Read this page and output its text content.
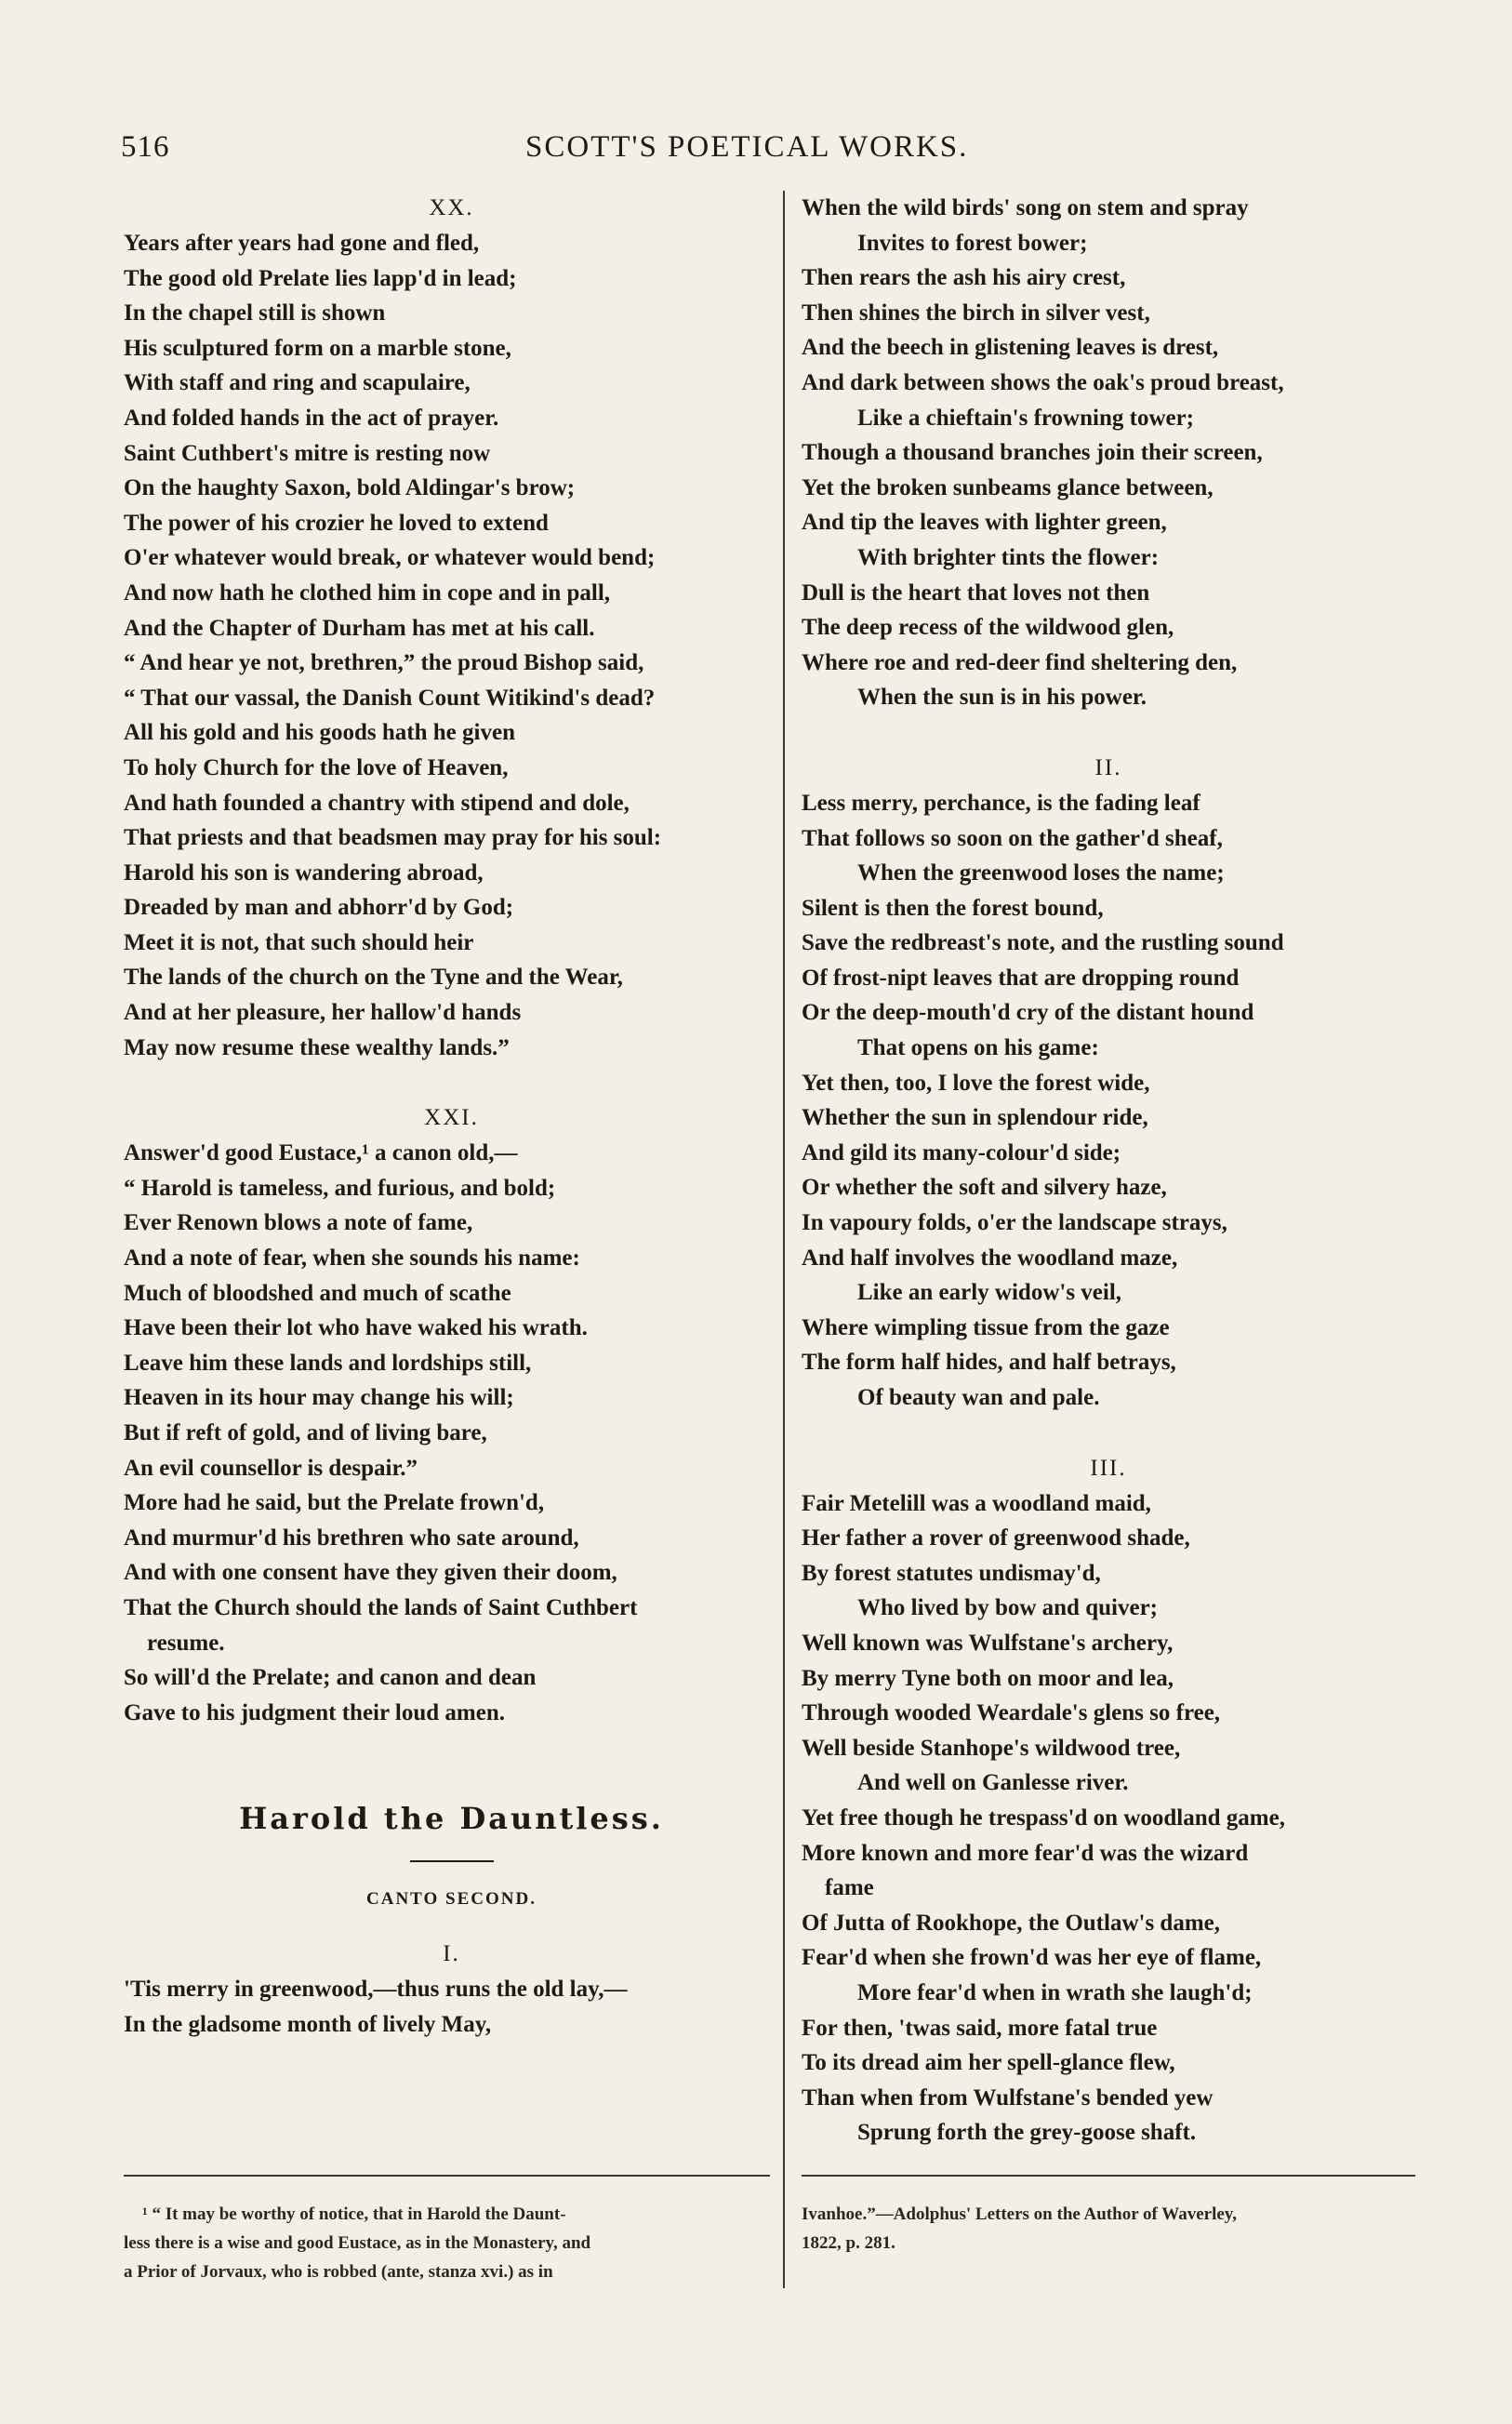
516	SCOTT'S POETICAL WORKS.
XX.
Years after years had gone and fled,
The good old Prelate lies lapp'd in lead;
In the chapel still is shown
His sculptured form on a marble stone,
With staff and ring and scapulaire,
And folded hands in the act of prayer.
Saint Cuthbert's mitre is resting now
On the haughty Saxon, bold Aldingar's brow;
The power of his crozier he loved to extend
O'er whatever would break, or whatever would bend;
And now hath he clothed him in cope and in pall,
And the Chapter of Durham has met at his call.
“ And hear ye not, brethren,” the proud Bishop said,
“ That our vassal, the Danish Count Witikind's dead?
All his gold and his goods hath he given
To holy Church for the love of Heaven,
And hath founded a chantry with stipend and dole,
That priests and that beadsmen may pray for his soul:
Harold his son is wandering abroad,
Dreaded by man and abhorr'd by God;
Meet it is not, that such should heir
The lands of the church on the Tyne and the Wear,
And at her pleasure, her hallow'd hands
May now resume these wealthy lands.”
XXI.
Answer'd good Eustace,¹ a canon old,—
“ Harold is tameless, and furious, and bold;
Ever Renown blows a note of fame,
And a note of fear, when she sounds his name:
Much of bloodshed and much of scathe
Have been their lot who have waked his wrath.
Leave him these lands and lordships still,
Heaven in its hour may change his will;
But if reft of gold, and of living bare,
An evil counsellor is despair.”
More had he said, but the Prelate frown'd,
And murmur'd his brethren who sate around,
And with one consent have they given their doom,
That the Church should the lands of Saint Cuthbert
resume.
So will'd the Prelate; and canon and dean
Gave to his judgment their loud amen.
Harold the Dauntless.
CANTO SECOND.
I.
'Tis merry in greenwood,—thus runs the old lay,—
In the gladsome month of lively May,
When the wild birds' song on stem and spray
Invites to forest bower;
Then rears the ash his airy crest,
Then shines the birch in silver vest,
And the beech in glistening leaves is drest,
And dark between shows the oak's proud breast,
Like a chieftain's frowning tower;
Though a thousand branches join their screen,
Yet the broken sunbeams glance between,
And tip the leaves with lighter green,
With brighter tints the flower:
Dull is the heart that loves not then
The deep recess of the wildwood glen,
Where roe and red-deer find sheltering den,
When the sun is in his power.
II.
Less merry, perchance, is the fading leaf
That follows so soon on the gather'd sheaf,
When the greenwood loses the name;
Silent is then the forest bound,
Save the redbreast's note, and the rustling sound
Of frost-nipt leaves that are dropping round
Or the deep-mouth'd cry of the distant hound
That opens on his game:
Yet then, too, I love the forest wide,
Whether the sun in splendour ride,
And gild its many-colour'd side;
Or whether the soft and silvery haze,
In vapoury folds, o'er the landscape strays,
And half involves the woodland maze,
Like an early widow's veil,
Where wimpling tissue from the gaze
The form half hides, and half betrays,
Of beauty wan and pale.
III.
Fair Metelill was a woodland maid,
Her father a rover of greenwood shade,
By forest statutes undismay'd,
Who lived by bow and quiver;
Well known was Wulfstane's archery,
By merry Tyne both on moor and lea,
Through wooded Weardale's glens so free,
Well beside Stanhope's wildwood tree,
And well on Ganlesse river.
Yet free though he trespass'd on woodland game,
More known and more fear'd was the wizard
fame
Of Jutta of Rookhope, the Outlaw's dame,
Fear'd when she frown'd was her eye of flame,
More fear'd when in wrath she laugh'd;
For then, 'twas said, more fatal true
To its dread aim her spell-glance flew,
Than when from Wulfstane's bended yew
Sprung forth the grey-goose shaft.
¹ “ It may be worthy of notice, that in Harold the Daunt-
less there is a wise and good Eustace, as in the Monastery, and
a Prior of Jorvaux, who is robbed (ante, stanza xvi.) as in
Ivanhoe.”—Adolphus' Letters on the Author of Waverley,
1822, p. 281.
